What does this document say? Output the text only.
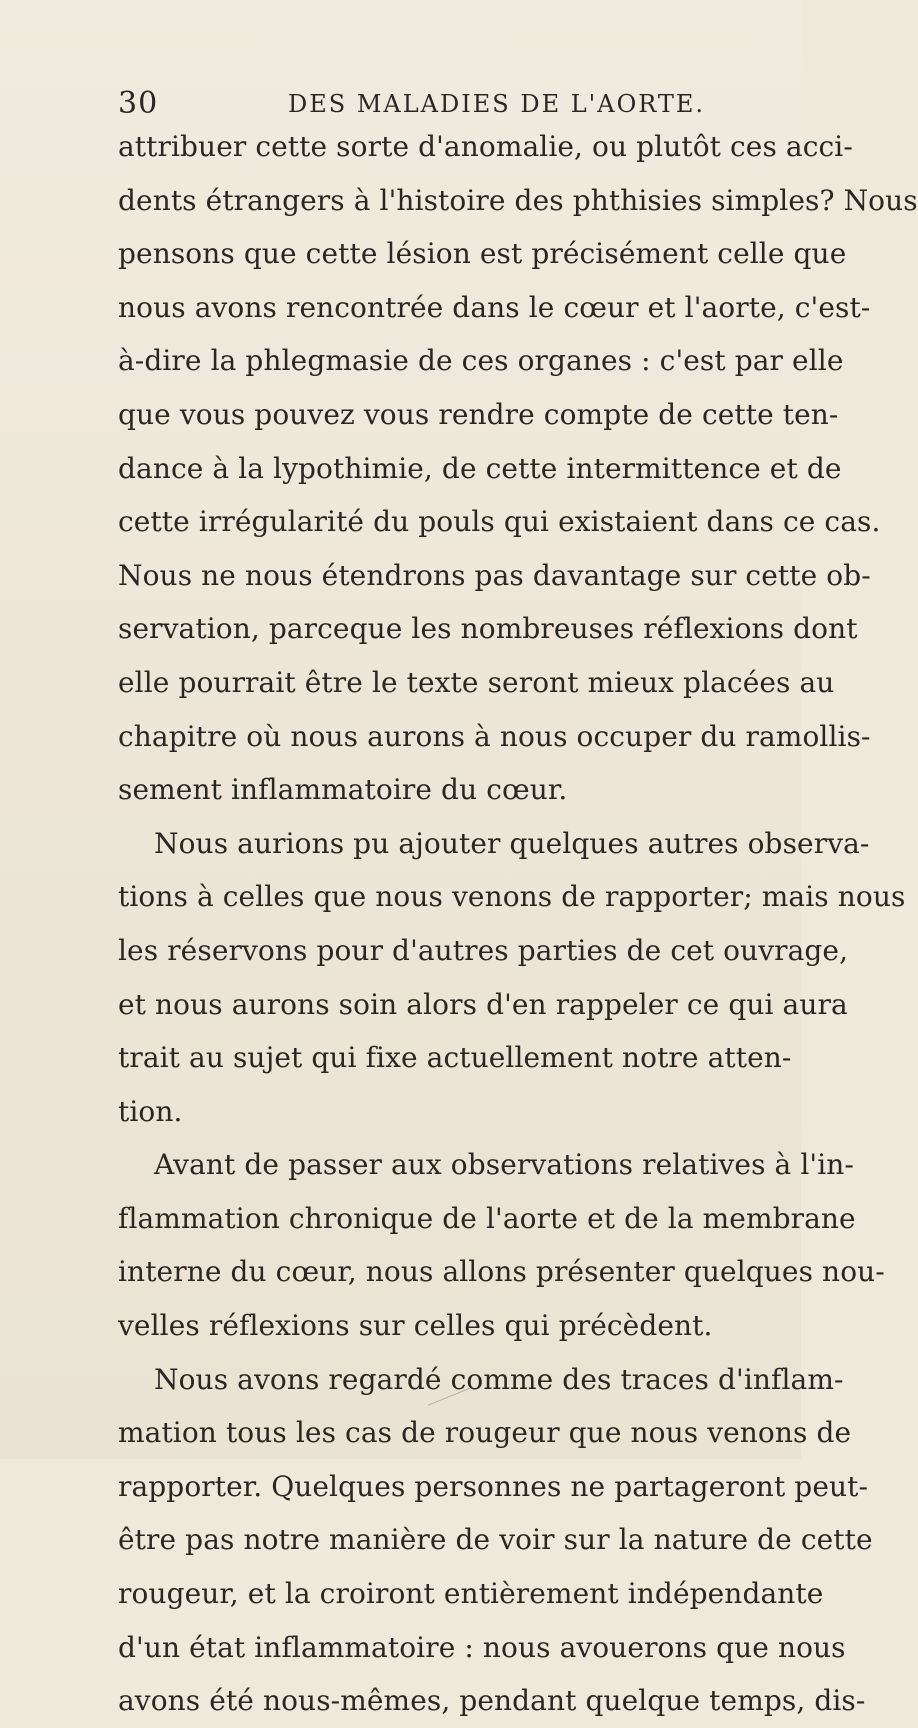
30	DES MALADIES DE L'AORTE.
attribuer cette sorte d'anomalie, ou plutôt ces acci-
dents étrangers à l'histoire des phthisies simples? Nous
pensons que cette lésion est précisément celle que
nous avons rencontrée dans le cœur et l'aorte, c'est-
à-dire la phlegmasie de ces organes : c'est par elle
que vous pouvez vous rendre compte de cette ten-
dance à la lypothimie, de cette intermittence et de
cette irrégularité du pouls qui existaient dans ce cas.
Nous ne nous étendrons pas davantage sur cette ob-
servation, parceque les nombreuses réflexions dont
elle pourrait être le texte seront mieux placées au
chapitre où nous aurons à nous occuper du ramollis-
sement inflammatoire du cœur.
Nous aurions pu ajouter quelques autres observa-
tions à celles que nous venons de rapporter; mais nous
les réservons pour d'autres parties de cet ouvrage,
et nous aurons soin alors d'en rappeler ce qui aura
trait au sujet qui fixe actuellement notre atten-
tion.
Avant de passer aux observations relatives à l'in-
flammation chronique de l'aorte et de la membrane
interne du cœur, nous allons présenter quelques nou-
velles réflexions sur celles qui précèdent.
Nous avons regardé comme des traces d'inflam-
mation tous les cas de rougeur que nous venons de
rapporter. Quelques personnes ne partageront peut-
être pas notre manière de voir sur la nature de cette
rougeur, et la croiront entièrement indépendante
d'un état inflammatoire : nous avouerons que nous
avons été nous-mêmes, pendant quelque temps, dis-
